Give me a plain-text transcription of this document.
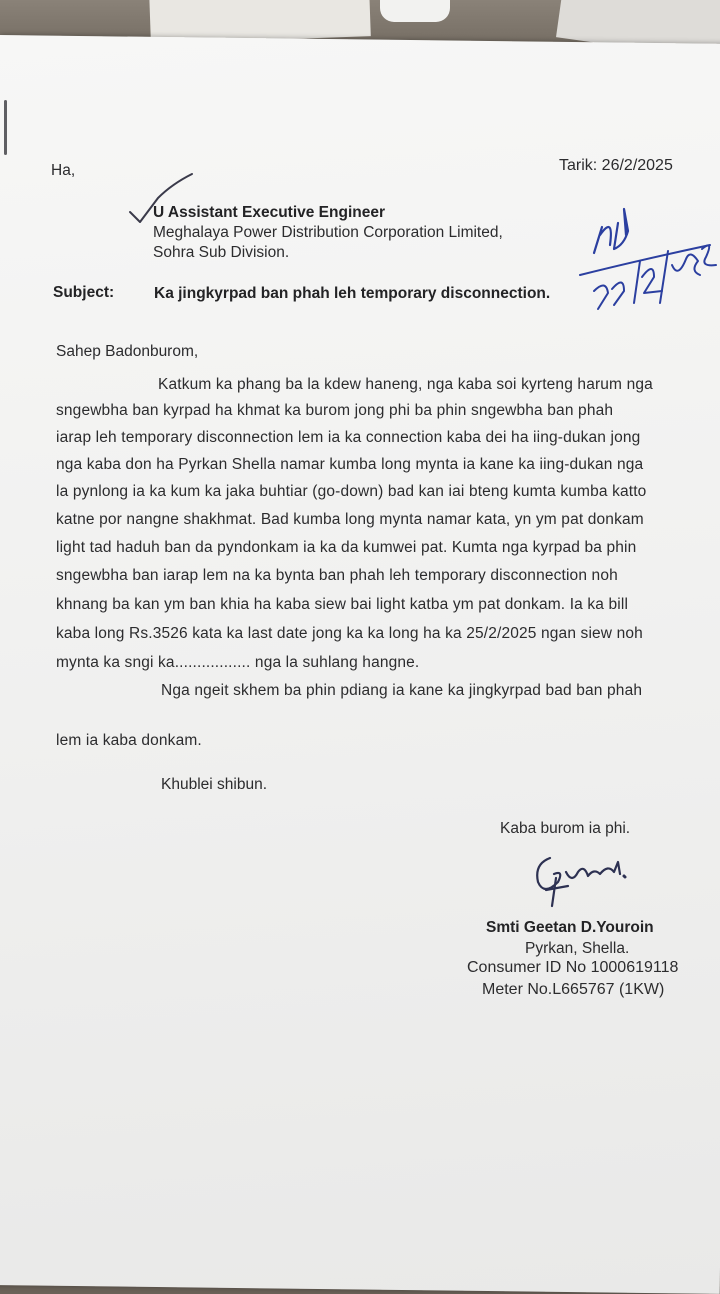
Ha,	Tarik: 26/2/2025
U Assistant Executive Engineer
Meghalaya Power Distribution Corporation Limited,
Sohra Sub Division.
Subject:	Ka jingkyrpad ban phah leh temporary disconnection.
Sahep Badonburom,
Katkum ka phang ba la kdew haneng, nga kaba soi kyrteng harum nga
sngewbha ban kyrpad ha khmat ka burom jong phi ba phin sngewbha ban phah
iarap leh temporary disconnection lem ia ka connection kaba dei ha iing-dukan jong
nga kaba don ha Pyrkan Shella namar kumba long mynta ia kane ka iing-dukan nga
la pynlong ia ka kum ka jaka buhtiar (go-down) bad kan iai bteng kumta kumba katto
katne por nangne shakhmat. Bad kumba long mynta namar kata, yn ym pat donkam
light tad haduh ban da pyndonkam ia ka da kumwei pat. Kumta nga kyrpad ba phin
sngewbha ban iarap lem na ka bynta ban phah leh temporary disconnection noh
khnang ba kan ym ban khia ha kaba siew bai light katba ym pat donkam. Ia ka bill
kaba long Rs.3526 kata ka last date jong ka ka long ha ka 25/2/2025 ngan siew noh
mynta ka sngi ka................. nga la suhlang hangne.
Nga ngeit skhem ba phin pdiang ia kane ka jingkyrpad bad ban phah
lem ia kaba donkam.
Khublei shibun.
Kaba burom ia phi.
Smti Geetan D.Youroin
Pyrkan, Shella.
Consumer ID No 1000619118
Meter No.L665767 (1KW)
